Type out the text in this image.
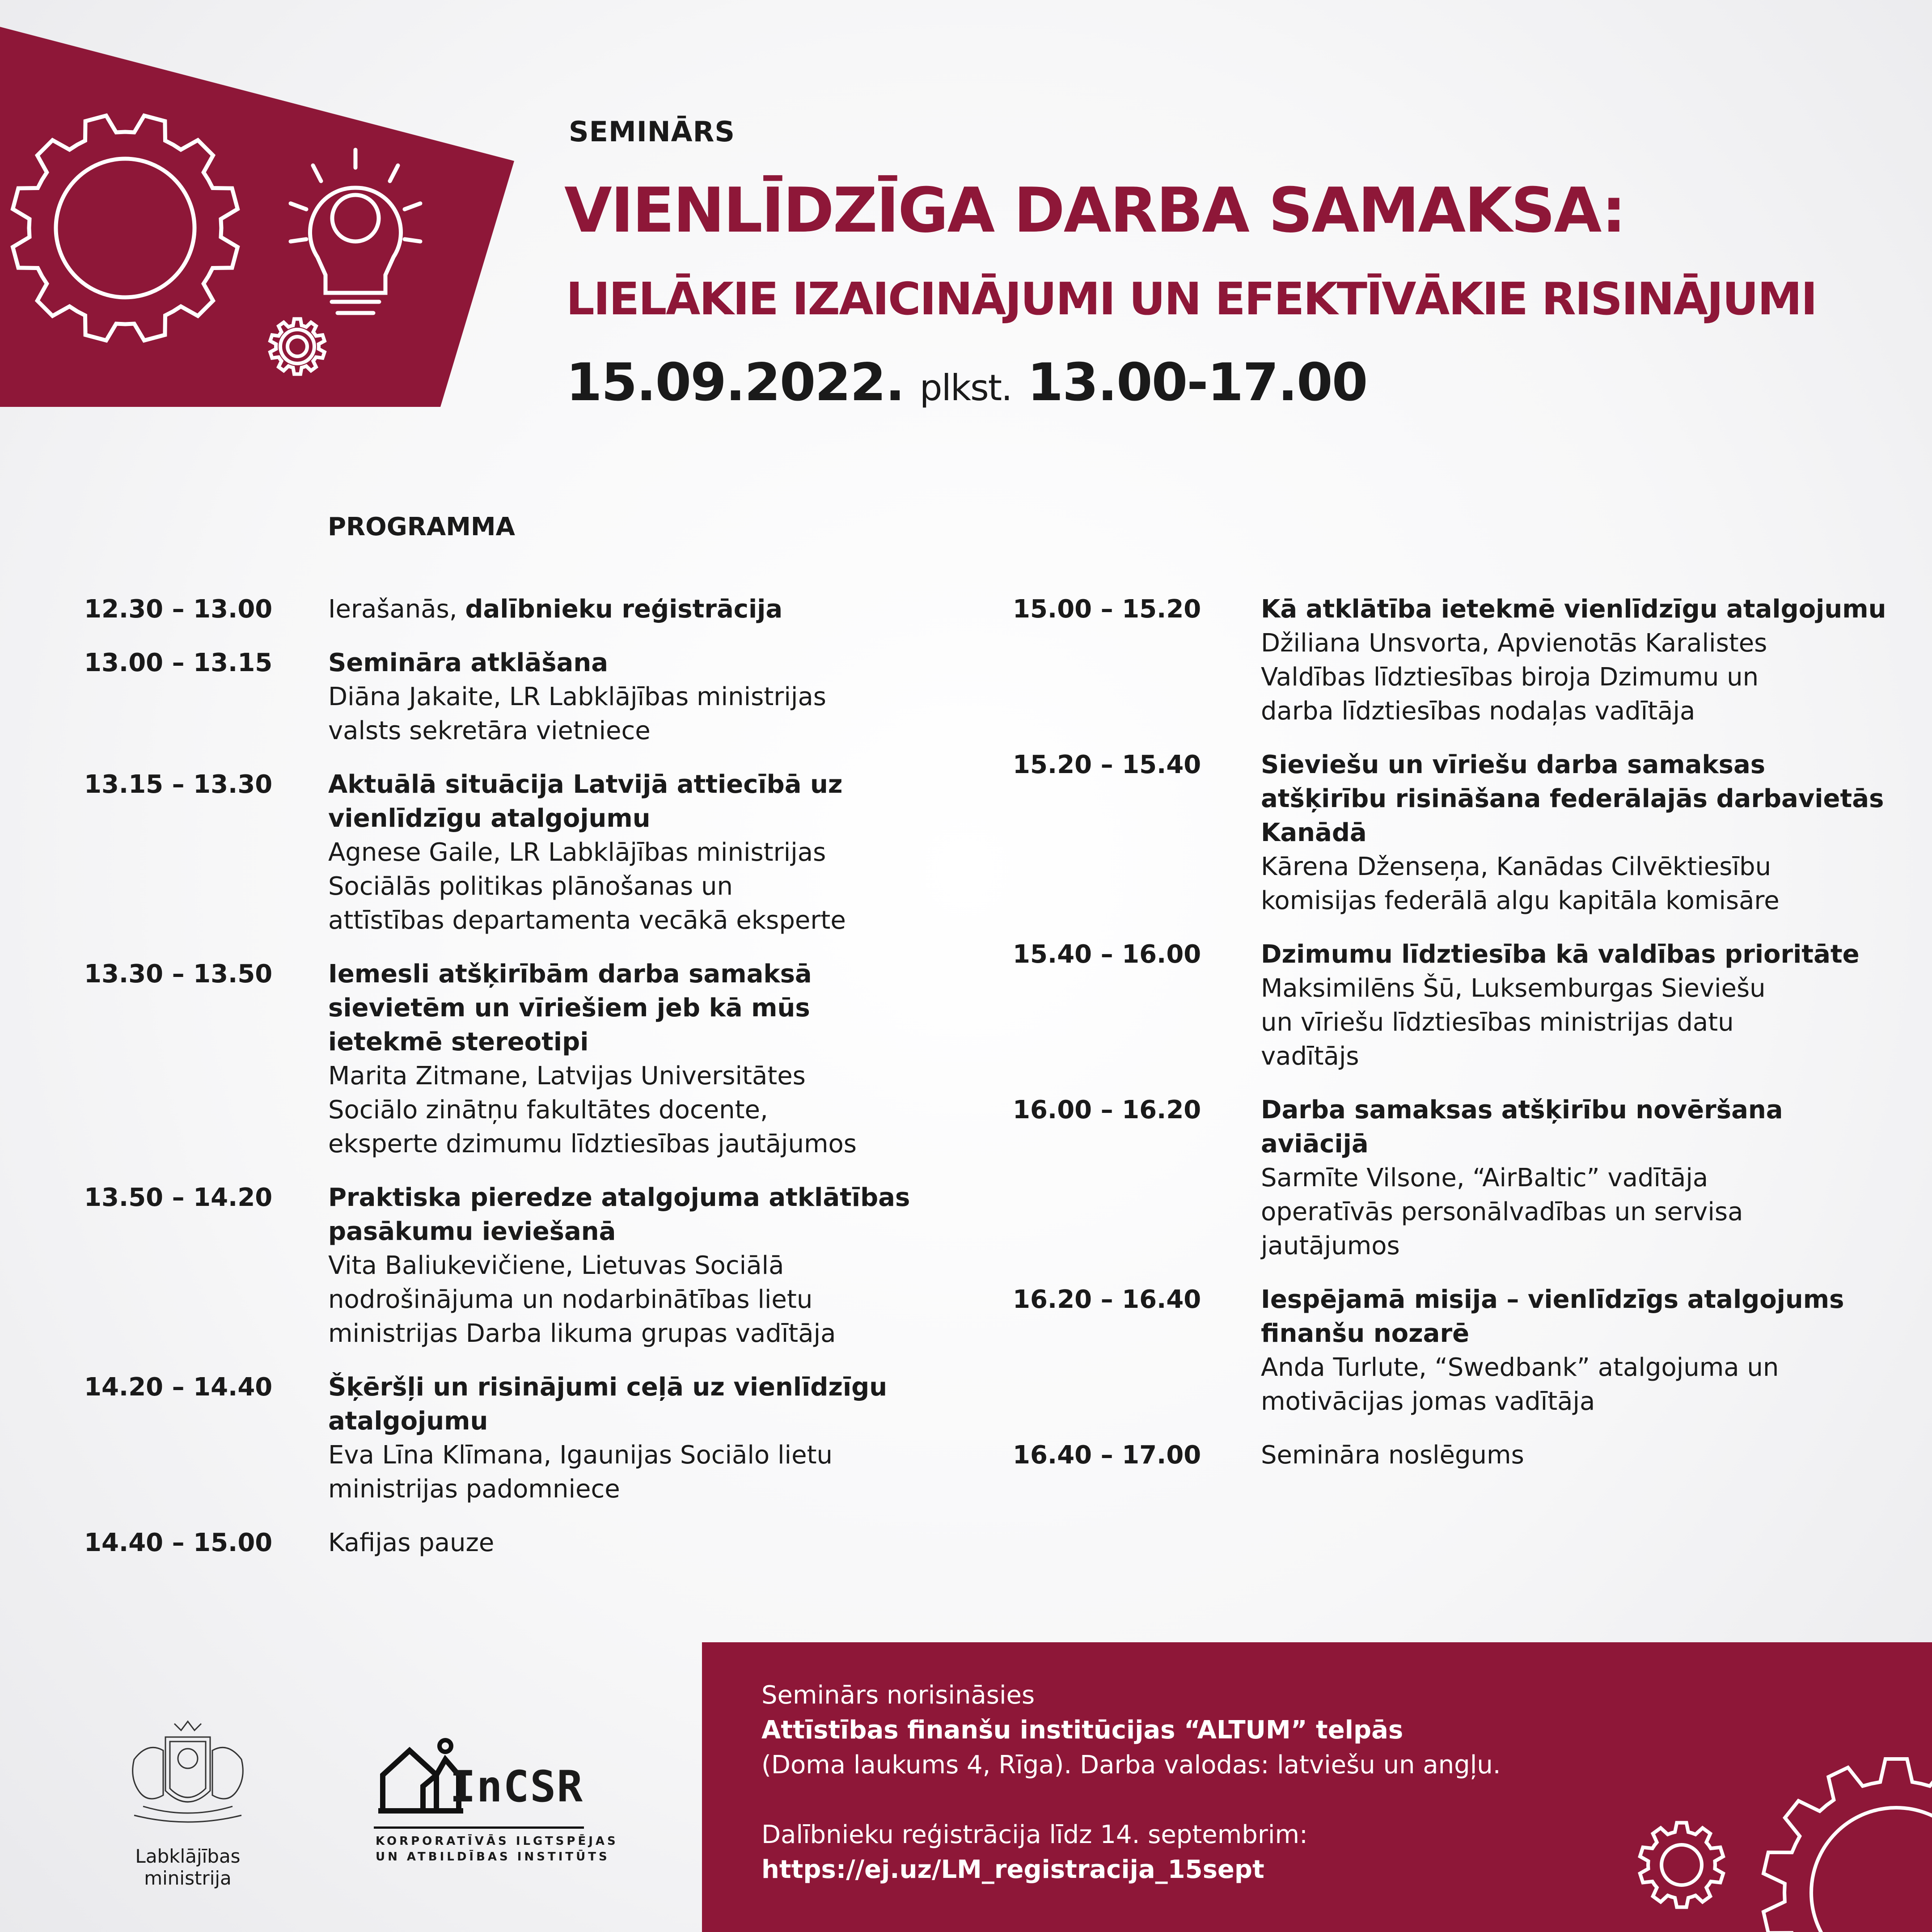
SEMINĀRS
VIENLĪDZĪGA DARBA SAMAKSA:
LIELĀKIE IZAICINĀJUMI UN EFEKTĪVĀKIE RISINĀJUMI
15.09.2022. plkst. 13.00-17.00
PROGRAMMA
12.30 – 13.00	Ierašanās, dalībnieku reģistrācija
13.00 – 13.15	Semināra atklāšana
Diāna Jakaite, LR Labklājības ministrijas
valsts sekretāra vietniece
13.15 – 13.30	Aktuālā situācija Latvijā attiecībā uz vienlīdzīgu atalgojumu
Agnese Gaile, LR Labklājības ministrijas
Sociālās politikas plānošanas un
attīstības departamenta vecākā eksperte
13.30 – 13.50	Iemesli atšķirībām darba samaksā sievietēm un vīriešiem jeb kā mūs ietekmē stereotipi
Marita Zitmane, Latvijas Universitātes
Sociālo zinātņu fakultātes docente,
eksperte dzimumu līdztiesības jautājumos
13.50 – 14.20	Praktiska pieredze atalgojuma atklātības pasākumu ieviešanā
Vita Baliukevičiene, Lietuvas Sociālā
nodrošinājuma un nodarbinātības lietu
ministrijas Darba likuma grupas vadītāja
14.20 – 14.40	Šķēršļi un risinājumi ceļā uz vienlīdzīgu atalgojumu
Eva Līna Klīmana, Igaunijas Sociālo lietu
ministrijas padomniece
14.40 – 15.00	Kafijas pauze
15.00 – 15.20	Kā atklātība ietekmē vienlīdzīgu atalgojumu
Džiliana Unsvorta, Apvienotās Karalistes
Valdības līdztiesības biroja Dzimumu un
darba līdztiesības nodaļas vadītāja
15.20 – 15.40	Sieviešu un vīriešu darba samaksas atšķirību risināšana federālajās darbavietās Kanādā
Kārena Dženseņa, Kanādas Cilvēktiesību
komisijas federālā algu kapitāla komisāre
15.40 – 16.00	Dzimumu līdztiesība kā valdības prioritāte
Maksimilēns Šū, Luksemburgas Sieviešu
un vīriešu līdztiesības ministrijas datu
vadītājs
16.00 – 16.20	Darba samaksas atšķirību novēršana aviācijā
Sarmīte Vilsone, “AirBaltic” vadītāja
operatīvās personālvadības un servisa
jautājumos
16.20 – 16.40	Iespējamā misija – vienlīdzīgs atalgojums finanšu nozarē
Anda Turlute, “Swedbank” atalgojuma un
motivācijas jomas vadītāja
16.40 – 17.00	Semināra noslēgums
Labklājības ministrija
InCSR
KORPORATĪVĀS ILGTSPĒJAS
UN ATBILDĪBAS INSTITŪTS
Seminārs norisināsies
Attīstības finanšu institūcijas “ALTUM” telpās
(Doma laukums 4, Rīga). Darba valodas: latviešu un angļu.
Dalībnieku reģistrācija līdz 14. septembrim:
https://ej.uz/LM_registracija_15sept
